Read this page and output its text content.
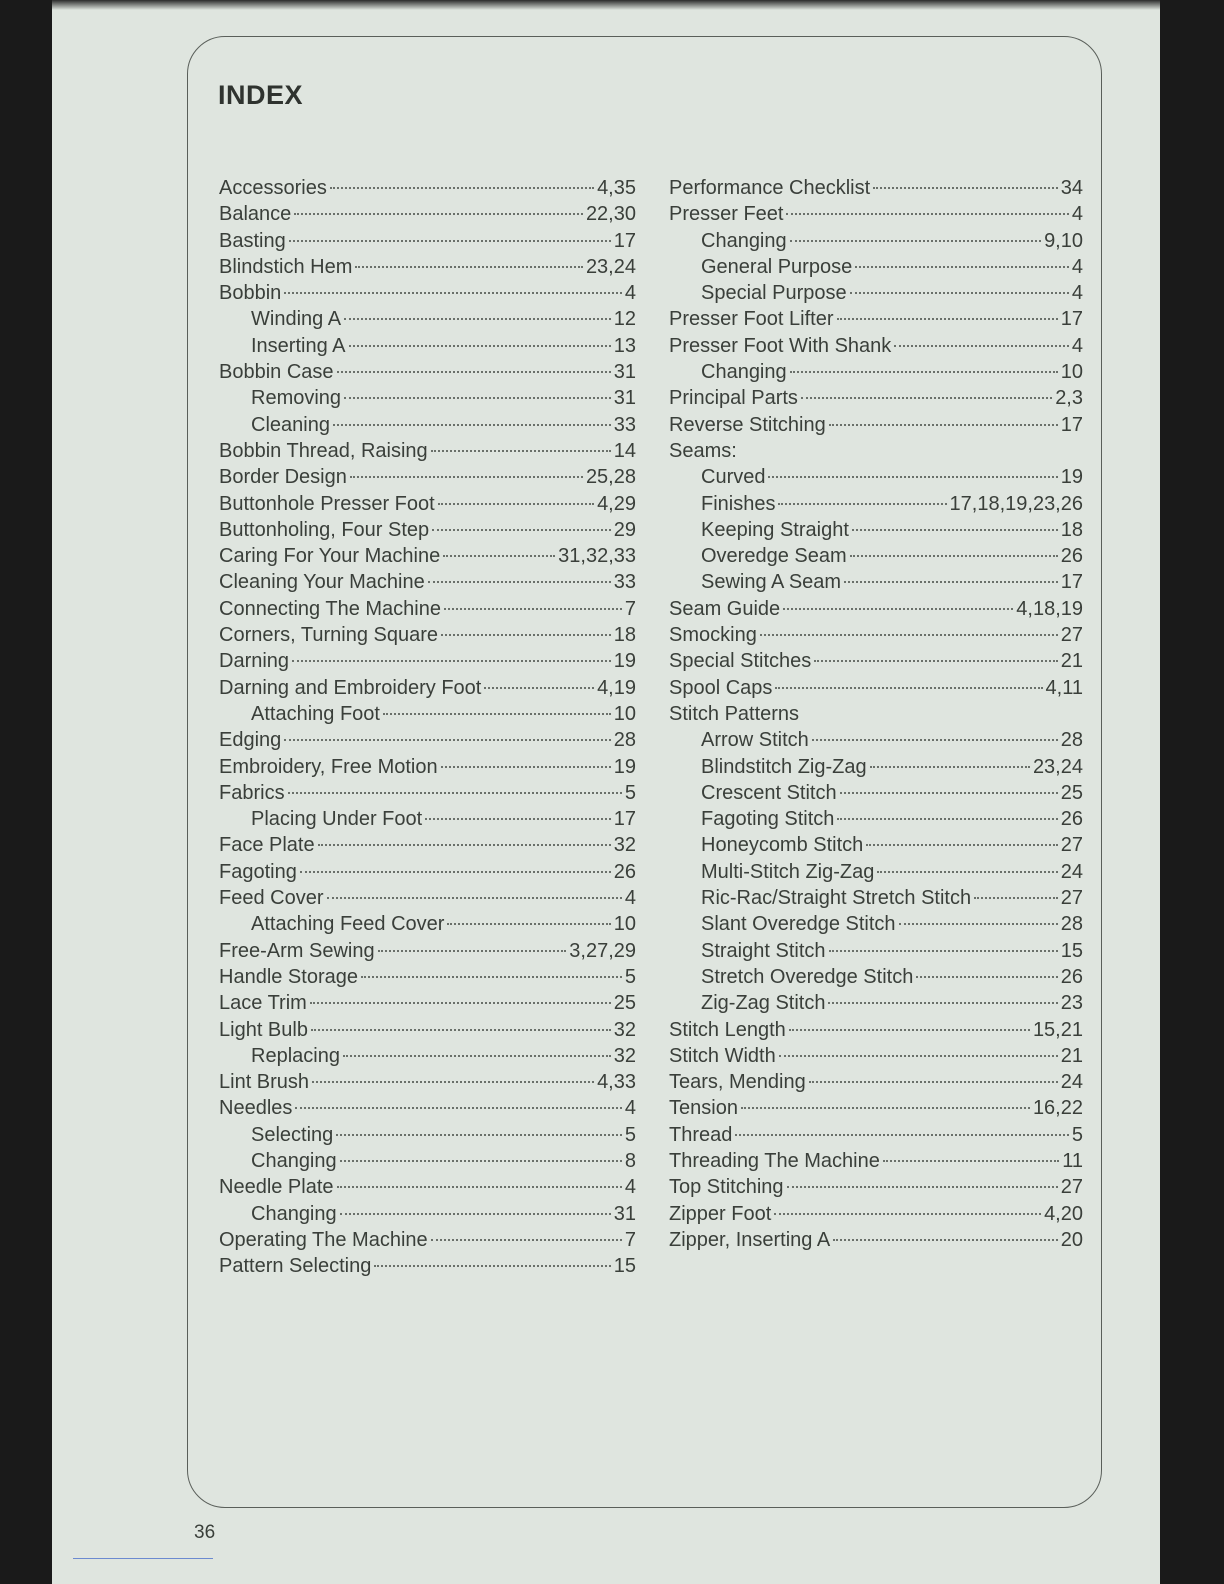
INDEX
Accessories	4,35
Balance	22,30
Basting	17
Blindstich Hem	23,24
Bobbin	4
Winding A	12
Inserting A	13
Bobbin Case	31
Removing	31
Cleaning	33
Bobbin Thread, Raising	14
Border Design	25,28
Buttonhole Presser Foot	4,29
Buttonholing, Four Step	29
Caring For Your Machine	31,32,33
Cleaning Your Machine	33
Connecting The Machine	7
Corners, Turning Square	18
Darning	19
Darning and Embroidery Foot	4,19
Attaching Foot	10
Edging	28
Embroidery, Free Motion	19
Fabrics	5
Placing Under Foot	17
Face Plate	32
Fagoting	26
Feed Cover	4
Attaching Feed Cover	10
Free-Arm Sewing	3,27,29
Handle Storage	5
Lace Trim	25
Light Bulb	32
Replacing	32
Lint Brush	4,33
Needles	4
Selecting	5
Changing	8
Needle Plate	4
Changing	31
Operating The Machine	7
Pattern Selecting	15
Performance Checklist	34
Presser Feet	4
Changing	9,10
General Purpose	4
Special Purpose	4
Presser Foot Lifter	17
Presser Foot With Shank	4
Changing	10
Principal Parts	2,3
Reverse Stitching	17
Seams:
Curved	19
Finishes	17,18,19,23,26
Keeping Straight	18
Overedge Seam	26
Sewing A Seam	17
Seam Guide	4,18,19
Smocking	27
Special Stitches	21
Spool Caps	4,11
Stitch Patterns
Arrow Stitch	28
Blindstitch Zig-Zag	23,24
Crescent Stitch	25
Fagoting Stitch	26
Honeycomb Stitch	27
Multi-Stitch Zig-Zag	24
Ric-Rac/Straight Stretch Stitch	27
Slant Overedge Stitch	28
Straight Stitch	15
Stretch Overedge Stitch	26
Zig-Zag Stitch	23
Stitch Length	15,21
Stitch Width	21
Tears, Mending	24
Tension	16,22
Thread	5
Threading The Machine	11
Top Stitching	27
Zipper Foot	4,20
Zipper, Inserting A	20
36
